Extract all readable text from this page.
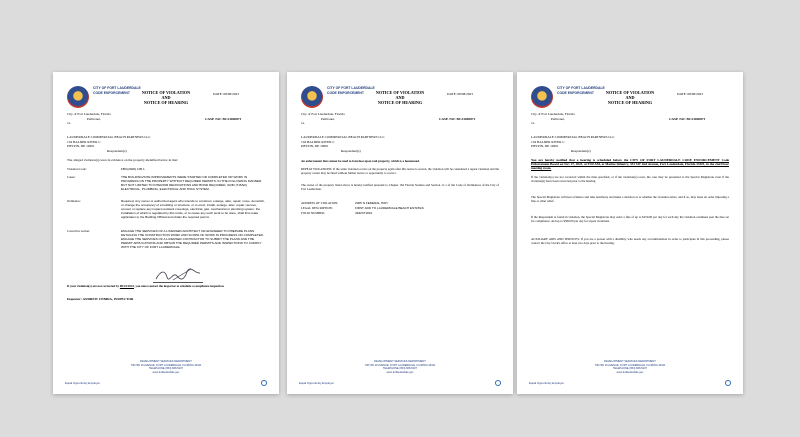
CITY OF FORT LAUDERDALE
CODE ENFORCEMENT	NOTICE OF VIOLATION
AND
NOTICE OF HEARING
DATE: 08/08/2023
City of Fort Lauderdale, Florida
Petitioner,
vs.
CASE NO: BC23040871
LAUDERDALE COMMERCIAL BEACH PARTNERS LLC
104 BALDER RIVER C
DESTIN, DE 19901
Respondent(s)
The alleged violation(s) were in evidence on the property identified below in that:
Violation Code:	FBC(2020) 105.1
Cause:	THE BUILDING/SITE IMPROVEMENTS WERE STARTED OR COMPLETED OR WORK IN PROGRESS ON THE PROPERTY WITHOUT REQUIRED PERMITS. IN THE FOLLOWING MANNER BUT NOT LIMITED TO INTERIOR RENOVATIONS AND BOND REQUIRED, GRID (T-BAR) ELECTRICAL, PLUMBING, ELECTRICAL AND HVAC SYSTEM.
Ordinance:	Required, Any owner or authorized agent who intends to construct, enlarge, alter, repair, move, demolish, or change the occupancy of a building or structure, or to erect, install, enlarge, alter, repair, remove, convert or replace any impact-resistant coverings, electrical, gas, mechanical or plumbing system, the installation of which is regulated by this Code, or to cause any such work to be done, shall first make application to the Building Official and obtain the required permit.
Corrective Action:	ENGAGE THE SERVICES OF A LICENSED ARCHITECT OR ENGINEER TO PREPARE PLANS DETAILING THE CONSTRUCTION WORK AND SCOPE OF WORK IN PROGRESS OR COMPLETED. ENGAGE THE SERVICES OF A LICENSED CONTRACTOR TO SUBMIT THE PLANS AND THE PERMIT APPLICATIONS AND OBTAIN THE REQUIRED PERMITS AND INSPECTIONS TO COMPLY WITH THE CITY OF FORT LAUDERDALE.
If your violation(s) are not corrected by 08/23/2023, you must contact the inspector to schedule a compliance inspection.
Inspector: ANDREW CEBRIA, INSPECTOR
DEVELOPMENT SERVICES DEPARTMENT
700 NW 19 AVENUE, FORT LAUDERDALE, FLORIDA 33311
TELEPHONE (954) 828-5207
www.fortlauderdale.gov
Equal Opportunity Employer
CITY OF FORT LAUDERDALE
CODE ENFORCEMENT	NOTICE OF VIOLATION
AND
NOTICE OF HEARING
DATE: 08/08/2023
City of Fort Lauderdale, Florida
Petitioner,
vs.
CASE NO: BC23040871
LAUDERDALE COMMERCIAL BEACH PARTNERS LLC
104 BALDER RIVER C
DESTIN, DE 19901
Respondent(s)
An enforcement lien cannot be used to foreclose upon real property, which is a homestead.
REPEAT VIOLATIONS: If the same violation occurs on the property again after this notice is served, the violation will be considered a repeat violation and the property owner may be fined without further notice or opportunity to correct.
The owner of the property listed above is hereby notified pursuant to Chapter 162 Florida Statutes and Section 11-1 of the Code of Ordinances of the City of Fort Lauderdale.
ADDRESS OF VIOLATION:	2005 N FEDERAL HWY
LEGAL DESCRIPTION:	FIRST ADD TO LAUDERDALE BEACH ESTATES
FOLIO NUMBER:	4942371901
DEVELOPMENT SERVICES DEPARTMENT
700 NW 19 AVENUE, FORT LAUDERDALE, FLORIDA 33311
TELEPHONE (954) 828-5207
www.fortlauderdale.gov
Equal Opportunity Employer
CITY OF FORT LAUDERDALE
CODE ENFORCEMENT	NOTICE OF VIOLATION
AND
NOTICE OF HEARING
DATE: 08/08/2023
City of Fort Lauderdale, Florida
Petitioner,
vs.
CASE NO: BC23040871
LAUDERDALE COMMERCIAL BEACH PARTNERS LLC
104 BALDER RIVER C
DESTIN, DE 19901
Respondent(s)
You are hereby notified that a hearing is scheduled before the CITY OF FORT LAUDERDALE CODE ENFORCEMENT Code Enforcement Board on Nov 27, 2023, at 9:00 AM, at Marine Infantry, 333 SW 2nd Avenue, Fort Lauderdale, Florida 33301, in the 2nd Floor meeting room.
If the violation(s) are not corrected within the time specified, or if the violation(s) recur, the case may be presented to the Special Magistrate even if the violation(s) have been corrected prior to the hearing.
The Special Magistrate will hear evidence and take testimony and make a decision as to whether the violation exists, and if so, may issue an order imposing a fine or other relief.
If the Respondent is found in violation, the Special Magistrate may order a fine of up to $250.00 per day for each day the violation continues past the date set for compliance, and up to $500.00 per day for repeat violations.
AUXILIARY AIDS AND SERVICES: If you are a person with a disability who needs any accommodation in order to participate in this proceeding, please contact the City Clerk's office at least two days prior to the hearing.
DEVELOPMENT SERVICES DEPARTMENT
700 NW 19 AVENUE, FORT LAUDERDALE, FLORIDA 33311
TELEPHONE (954) 828-5207
www.fortlauderdale.gov
Equal Opportunity Employer
